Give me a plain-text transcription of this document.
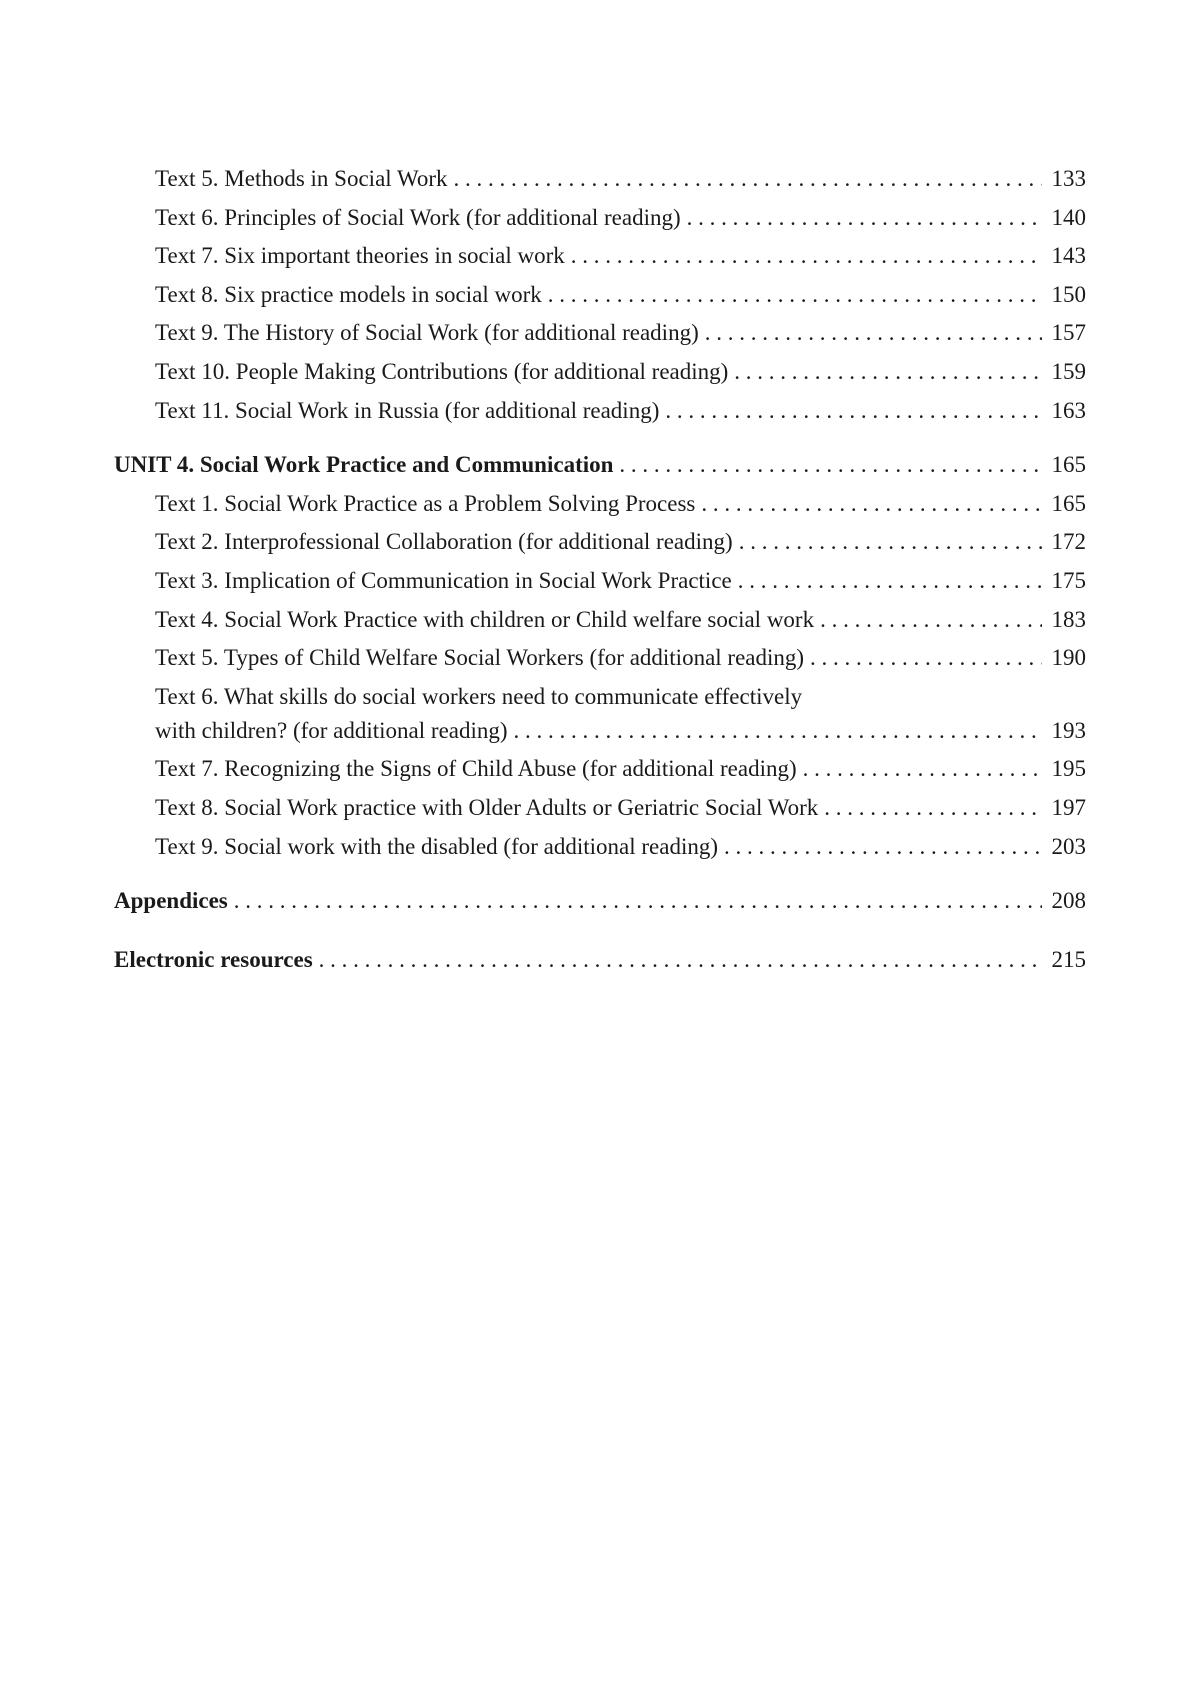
Text 5. Methods in Social Work . . .	133
Text 6. Principles of Social Work (for additional reading) . . .	140
Text 7. Six important theories in social work . . .	143
Text 8. Six practice models in social work . . .	150
Text 9. The History of Social Work (for additional reading) . . .	157
Text 10. People Making Contributions (for additional reading) . . .	159
Text 11. Social Work in Russia (for additional reading) . . .	163
UNIT 4. Social Work Practice and Communication . . .	165
Text 1. Social Work Practice as a Problem Solving Process . . .	165
Text 2. Interprofessional Collaboration (for additional reading) . . .	172
Text 3. Implication of Communication in Social Work Practice . . .	175
Text 4. Social Work Practice with children or Child welfare social work . . .	183
Text 5. Types of Child Welfare Social Workers (for additional reading) . . .	190
Text 6. What skills do social workers need to communicate effectively
with children? (for additional reading) . . .	193
Text 7. Recognizing the Signs of Child Abuse (for additional reading) . . .	195
Text 8. Social Work practice with Older Adults or Geriatric Social Work . . .	197
Text 9. Social work with the disabled (for additional reading) . . .	203
Appendices . . .	208
Electronic resources . . .	215
